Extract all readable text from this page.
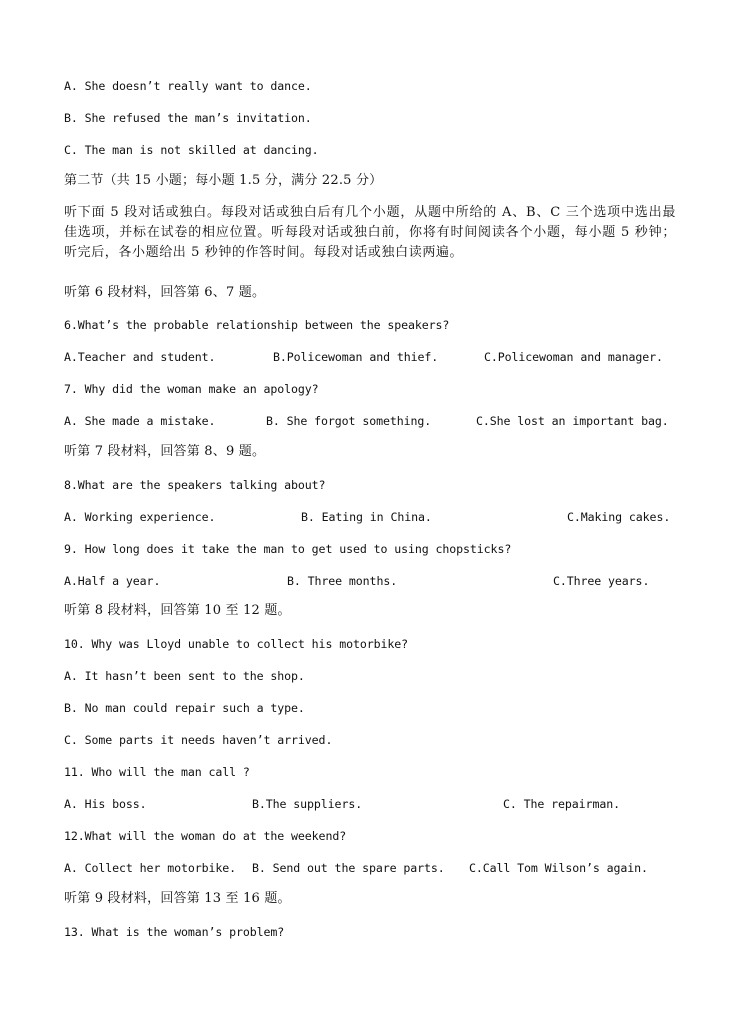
A. She doesn’t really want to dance.
B. She refused the man’s invitation.
C. The man is not skilled at dancing.
第二节（共 15 小题；每小题 1.5 分，满分 22.5 分）
听下面 5 段对话或独白。每段对话或独白后有几个小题，从题中所给的 A、B、C 三个选项中选出最佳选项，并标在试卷的相应位置。听每段对话或独白前，你将有时间阅读各个小题，每小题 5 秒钟；听完后，各小题给出 5 秒钟的作答时间。每段对话或独白读两遍。
听第 6 段材料，回答第 6、7 题。
6.What’s the probable relationship between the speakers?
A.Teacher and student.	B.Policewoman and thief.	C.Policewoman and manager.
7. Why did the woman make an apology?
A. She made a mistake.	B. She forgot something.	C.She lost an important bag.
听第 7 段材料，回答第 8、9 题。
8.What are the speakers talking about?
A. Working experience.	B. Eating in China.	C.Making cakes.
9. How long does it take the man to get used to using chopsticks?
A.Half a year.	B. Three months.	C.Three years.
听第 8 段材料，回答第 10 至 12 题。
10. Why was Lloyd unable to collect his motorbike?
A. It hasn’t been sent to the shop.
B. No man could repair such a type.
C. Some parts it needs haven’t arrived.
11. Who will the man call ?
A. His boss.	B.The suppliers.	C. The repairman.
12.What will the woman do at the weekend?
A. Collect her motorbike. B. Send out the spare parts. C.Call Tom Wilson’s again.
听第 9 段材料，回答第 13 至 16 题。
13. What is the woman’s problem?
